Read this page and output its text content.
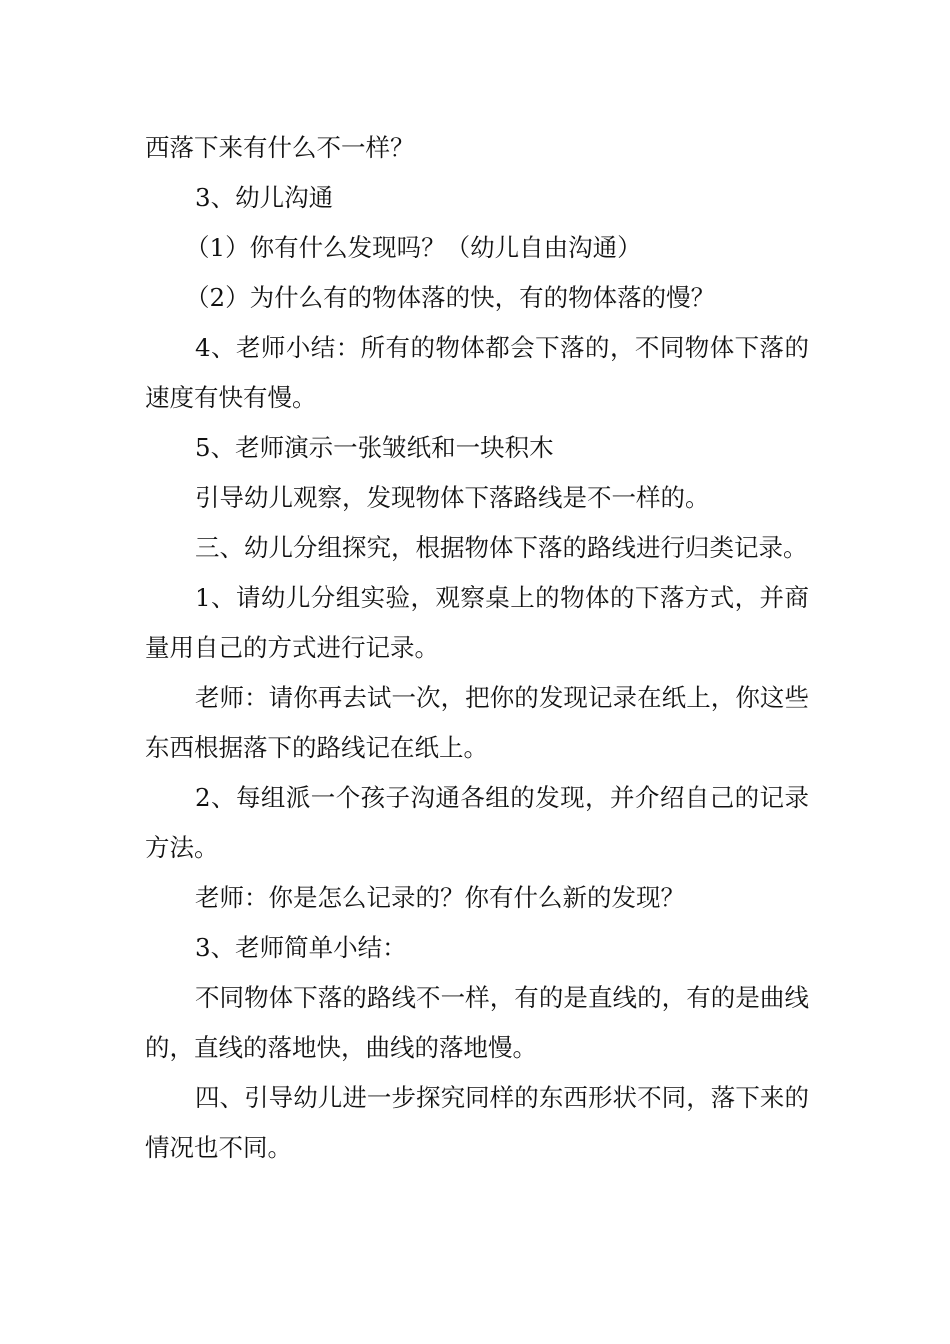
西落下来有什么不一样？

3、幼儿沟通

（1）你有什么发现吗？（幼儿自由沟通）

（2）为什么有的物体落的快，有的物体落的慢？

4、老师小结：所有的物体都会下落的，不同物体下落的速度有快有慢。

5、老师演示一张皱纸和一块积木

引导幼儿观察，发现物体下落路线是不一样的。

三、幼儿分组探究，根据物体下落的路线进行归类记录。

1、请幼儿分组实验，观察桌上的物体的下落方式，并商量用自己的方式进行记录。

老师：请你再去试一次，把你的发现记录在纸上，你这些东西根据落下的路线记在纸上。

2、每组派一个孩子沟通各组的发现，并介绍自己的记录方法。

老师：你是怎么记录的？你有什么新的发现？

3、老师简单小结：

不同物体下落的路线不一样，有的是直线的，有的是曲线的，直线的落地快，曲线的落地慢。

四、引导幼儿进一步探究同样的东西形状不同，落下来的情况也不同。
